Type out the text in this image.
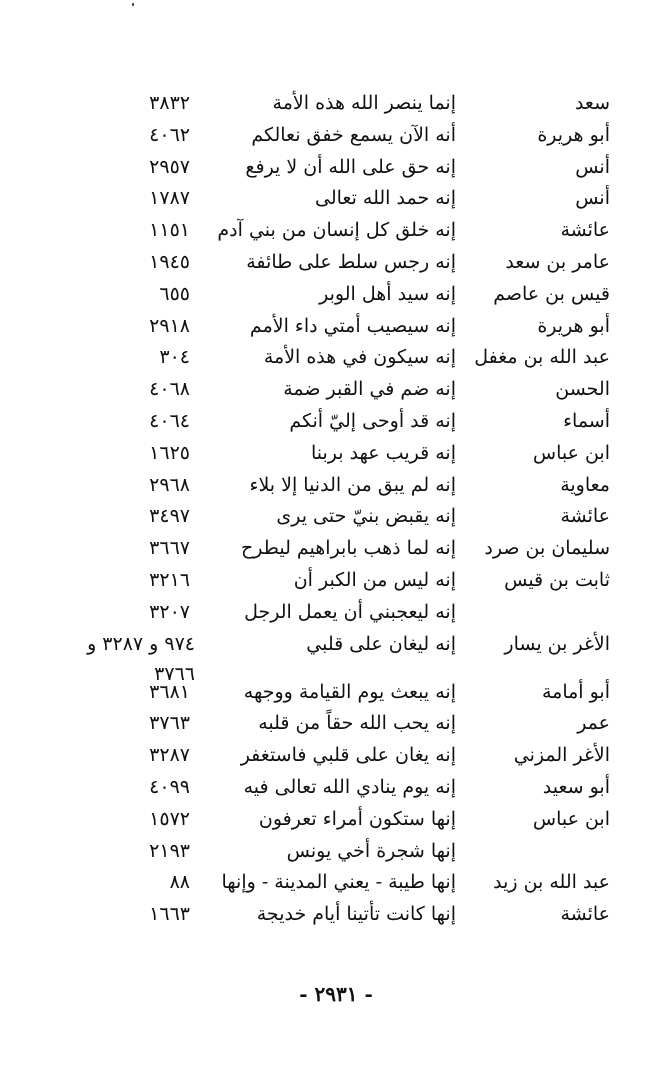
سعد
إنما ينصر الله هذه الأمة
٣٨٣٢
أبو هريرة
أنه الآن يسمع خفق نعالكم
٤٠٦٢
أنس
إنه حق على الله أن لا يرفع
٢٩٥٧
أنس
إنه حمد الله تعالى
١٧٨٧
عائشة
إنه خلق كل إنسان من بني آدم
١١٥١
عامر بن سعد
إنه رجس سلط على طائفة
١٩٤٥
قيس بن عاصم
إنه سيد أهل الوبر
٦٥٥
أبو هريرة
إنه سيصيب أمتي داء الأمم
٢٩١٨
عبد الله بن مغفل
إنه سيكون في هذه الأمة
٣٠٤
الحسن
إنه ضم في القبر ضمة
٤٠٦٨
أسماء
إنه قد أوحى إليّ أنكم
٤٠٦٤
ابن عباس
إنه قريب عهد بربنا
١٦٢٥
معاوية
إنه لم يبق من الدنيا إلا بلاء
٢٩٦٨
عائشة
إنه يقبض بنيّ حتى يرى
٣٤٩٧
سليمان بن صرد
إنه لما ذهب بابراهيم ليطرح
٣٦٦٧
ثابت بن قيس
إنه ليس من الكبر أن
٣٢١٦
إنه ليعجبني أن يعمل الرجل
٣٢٠٧
الأغر بن يسار
إنه ليغان على قلبي
٩٧٤ و ٣٢٨٧ و
٣٧٦٦
أبو أمامة
إنه يبعث يوم القيامة ووجهه
٣٦٨١
عمر
إنه يحب الله حقاً من قلبه
٣٧٦٣
الأغر المزني
إنه يغان على قلبي فاستغفر
٣٢٨٧
أبو سعيد
إنه يوم ينادي الله تعالى فيه
٤٠٩٩
ابن عباس
إنها ستكون أمراء تعرفون
١٥٧٢
إنها شجرة أخي يونس
٢١٩٣
عبد الله بن زيد
إنها طيبة - يعني المدينة - وإنها
٨٨
عائشة
إنها كانت تأتينا أيام خديجة
١٦٦٣
- ٢٩٣١ -
